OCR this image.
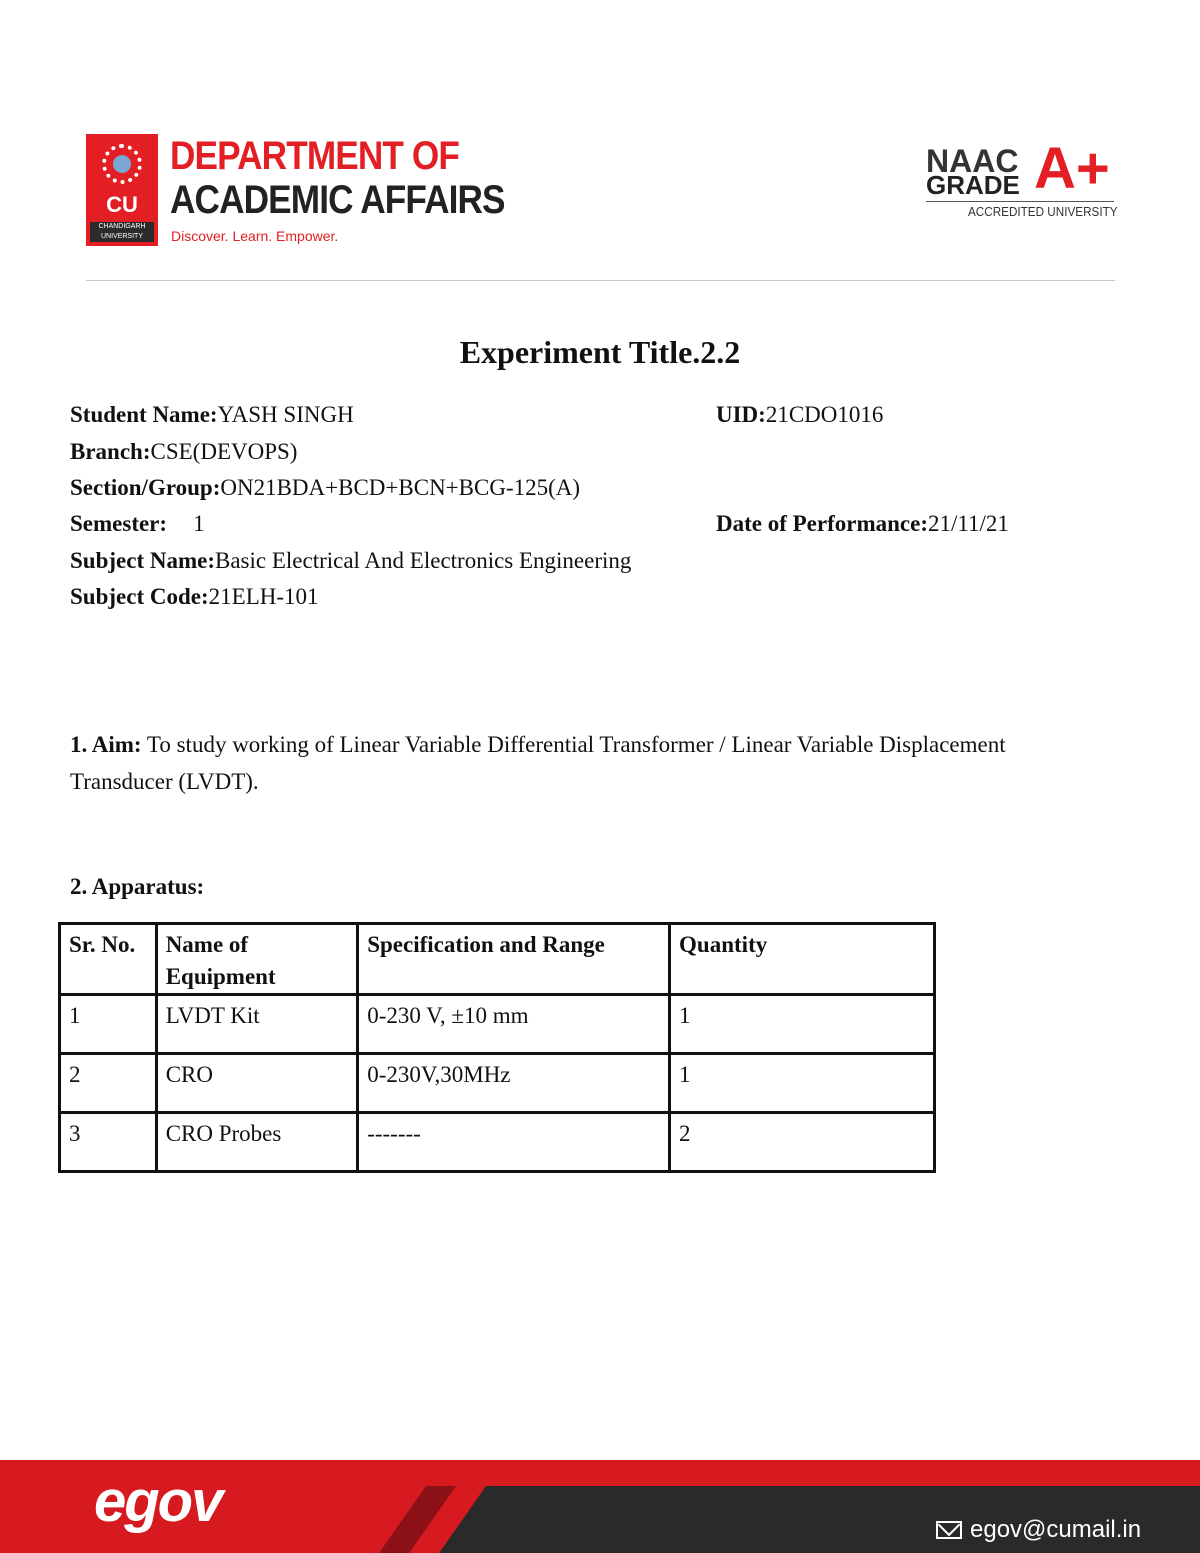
CU
CHANDIGARH UNIVERSITY
DEPARTMENT OF
ACADEMIC AFFAIRS
Discover. Learn. Empower.
NAAC
GRADE A+
ACCREDITED UNIVERSITY
Experiment Title.2.2
Student Name:YASH SINGH	UID:21CDO1016
Branch:CSE(DEVOPS)
Section/Group:ON21BDA+BCD+BCN+BCG-125(A)
Semester: 1	Date of Performance:21/11/21
Subject Name:Basic Electrical And Electronics Engineering
Subject Code:21ELH-101
1. Aim: To study working of Linear Variable Differential Transformer / Linear Variable Displacement Transducer (LVDT).
2. Apparatus:
Sr. No.	Name of Equipment	Specification and Range	Quantity
1	LVDT Kit	0-230 V, ±10 mm	1
2	CRO	0-230V,30MHz	1
3	CRO Probes	-------	2
egov	egov@cumail.in
